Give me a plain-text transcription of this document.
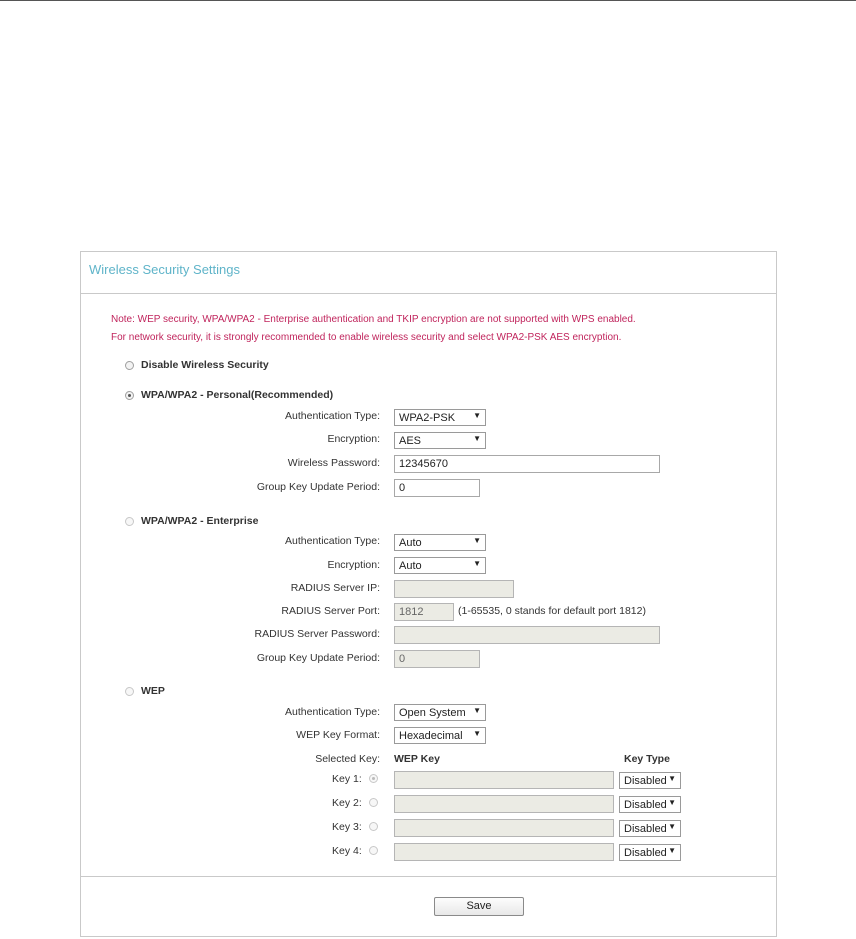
Wireless Security Settings
Note: WEP security, WPA/WPA2 - Enterprise authentication and TKIP encryption are not supported with WPS enabled.
For network security, it is strongly recommended to enable wireless security and select WPA2-PSK AES encryption.
Disable Wireless Security
WPA/WPA2 - Personal(Recommended)
Authentication Type:	WPA2-PSK ▼
Encryption:	AES	▼
Wireless Password:	12345670
Group Key Update Period:	0
WPA/WPA2 - Enterprise
Authentication Type:	Auto	▼
Encryption:	Auto	▼
RADIUS Server IP:
RADIUS Server Port:	1812	(1-65535, 0 stands for default port 1812)
RADIUS Server Password:
Group Key Update Period:	0
WEP
Authentication Type:	Open System ▼
WEP Key Format:	Hexadecimal ▼
Selected Key: WEP Key	Key Type
Key 1:	Disabled ▼
Key 2:	Disabled ▼
Key 3:	Disabled ▼
Key 4:	Disabled ▼
Save
